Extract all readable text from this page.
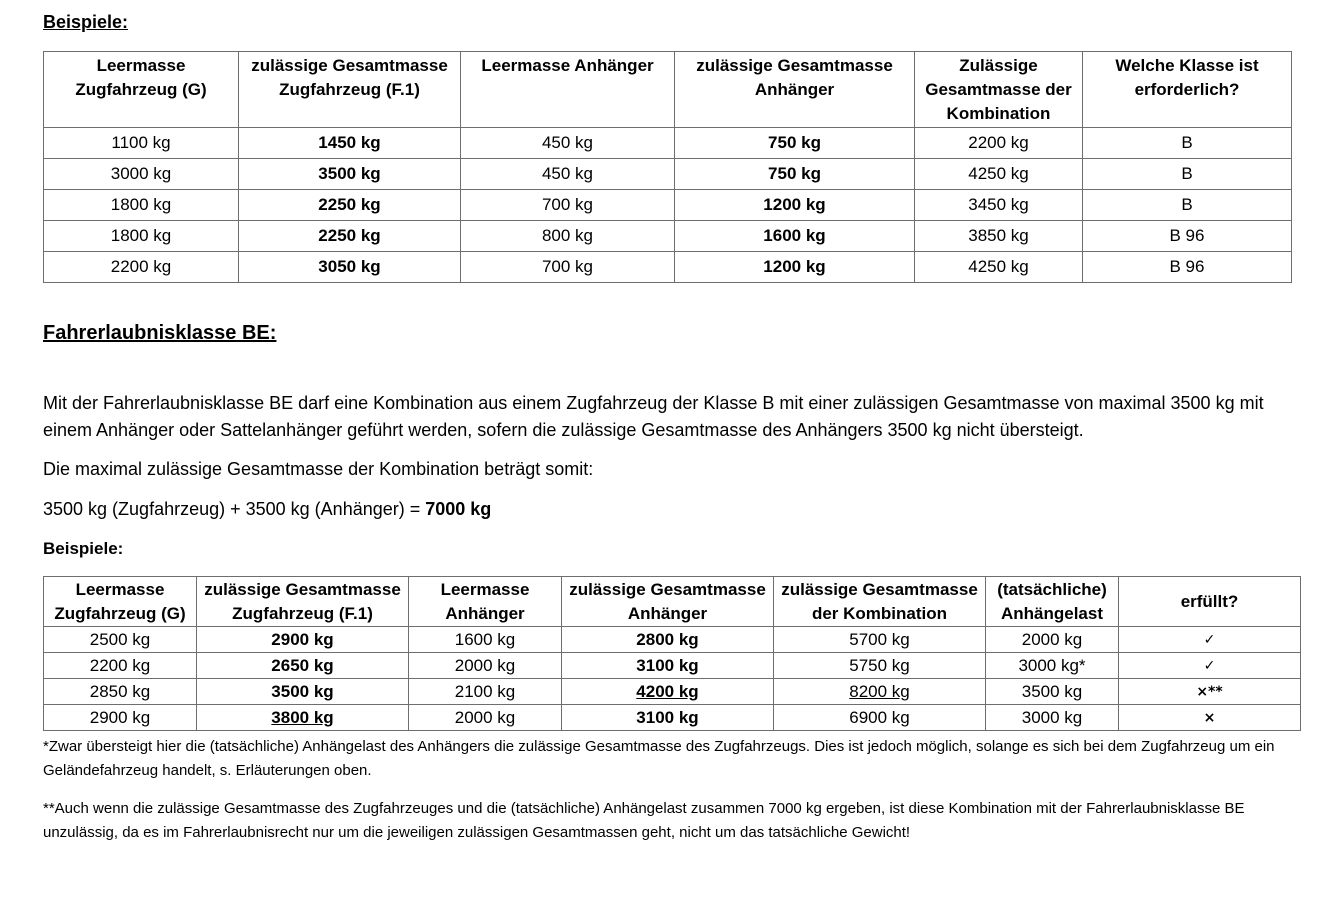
Beispiele:
Leermasse Zugfahrzeug (G)	zulässige Gesamtmasse Zugfahrzeug (F.1)	Leermasse Anhänger	zulässige Gesamtmasse Anhänger	Zulässige Gesamtmasse der Kombination	Welche Klasse ist erforderlich?
1100 kg	1450 kg	450 kg	750 kg	2200 kg	B
3000 kg	3500 kg	450 kg	750 kg	4250 kg	B
1800 kg	2250 kg	700 kg	1200 kg	3450 kg	B
1800 kg	2250 kg	800 kg	1600 kg	3850 kg	B 96
2200 kg	3050 kg	700 kg	1200 kg	4250 kg	B 96
Fahrerlaubnisklasse BE:

Mit der Fahrerlaubnisklasse BE darf eine Kombination aus einem Zugfahrzeug der Klasse B mit einer zulässigen Gesamtmasse von maximal 3500 kg mit einem Anhänger oder Sattelanhänger geführt werden, sofern die zulässige Gesamtmasse des Anhängers 3500 kg nicht übersteigt.

Die maximal zulässige Gesamtmasse der Kombination beträgt somit:

3500 kg (Zugfahrzeug) + 3500 kg (Anhänger) = 7000 kg

Beispiele:
Leermasse Zugfahrzeug (G)	zulässige Gesamtmasse Zugfahrzeug (F.1)	Leermasse Anhänger	zulässige Gesamtmasse Anhänger	zulässige Gesamtmasse der Kombination	(tatsächliche) Anhängelast	erfüllt?
2500 kg	2900 kg	1600 kg	2800 kg	5700 kg	2000 kg	✓
2200 kg	2650 kg	2000 kg	3100 kg	5750 kg	3000 kg*	✓
2850 kg	3500 kg	2100 kg	4200 kg	8200 kg	3500 kg	×**
2900 kg	3800 kg	2000 kg	3100 kg	6900 kg	3000 kg	×

*Zwar übersteigt hier die (tatsächliche) Anhängelast des Anhängers die zulässige Gesamtmasse des Zugfahrzeugs. Dies ist jedoch möglich, solange es sich bei dem Zugfahrzeug um ein Geländefahrzeug handelt, s. Erläuterungen oben.

**Auch wenn die zulässige Gesamtmasse des Zugfahrzeuges und die (tatsächliche) Anhängelast zusammen 7000 kg ergeben, ist diese Kombination mit der Fahrerlaubnisklasse BE unzulässig, da es im Fahrerlaubnisrecht nur um die jeweiligen zulässigen Gesamtmassen geht, nicht um das tatsächliche Gewicht!
